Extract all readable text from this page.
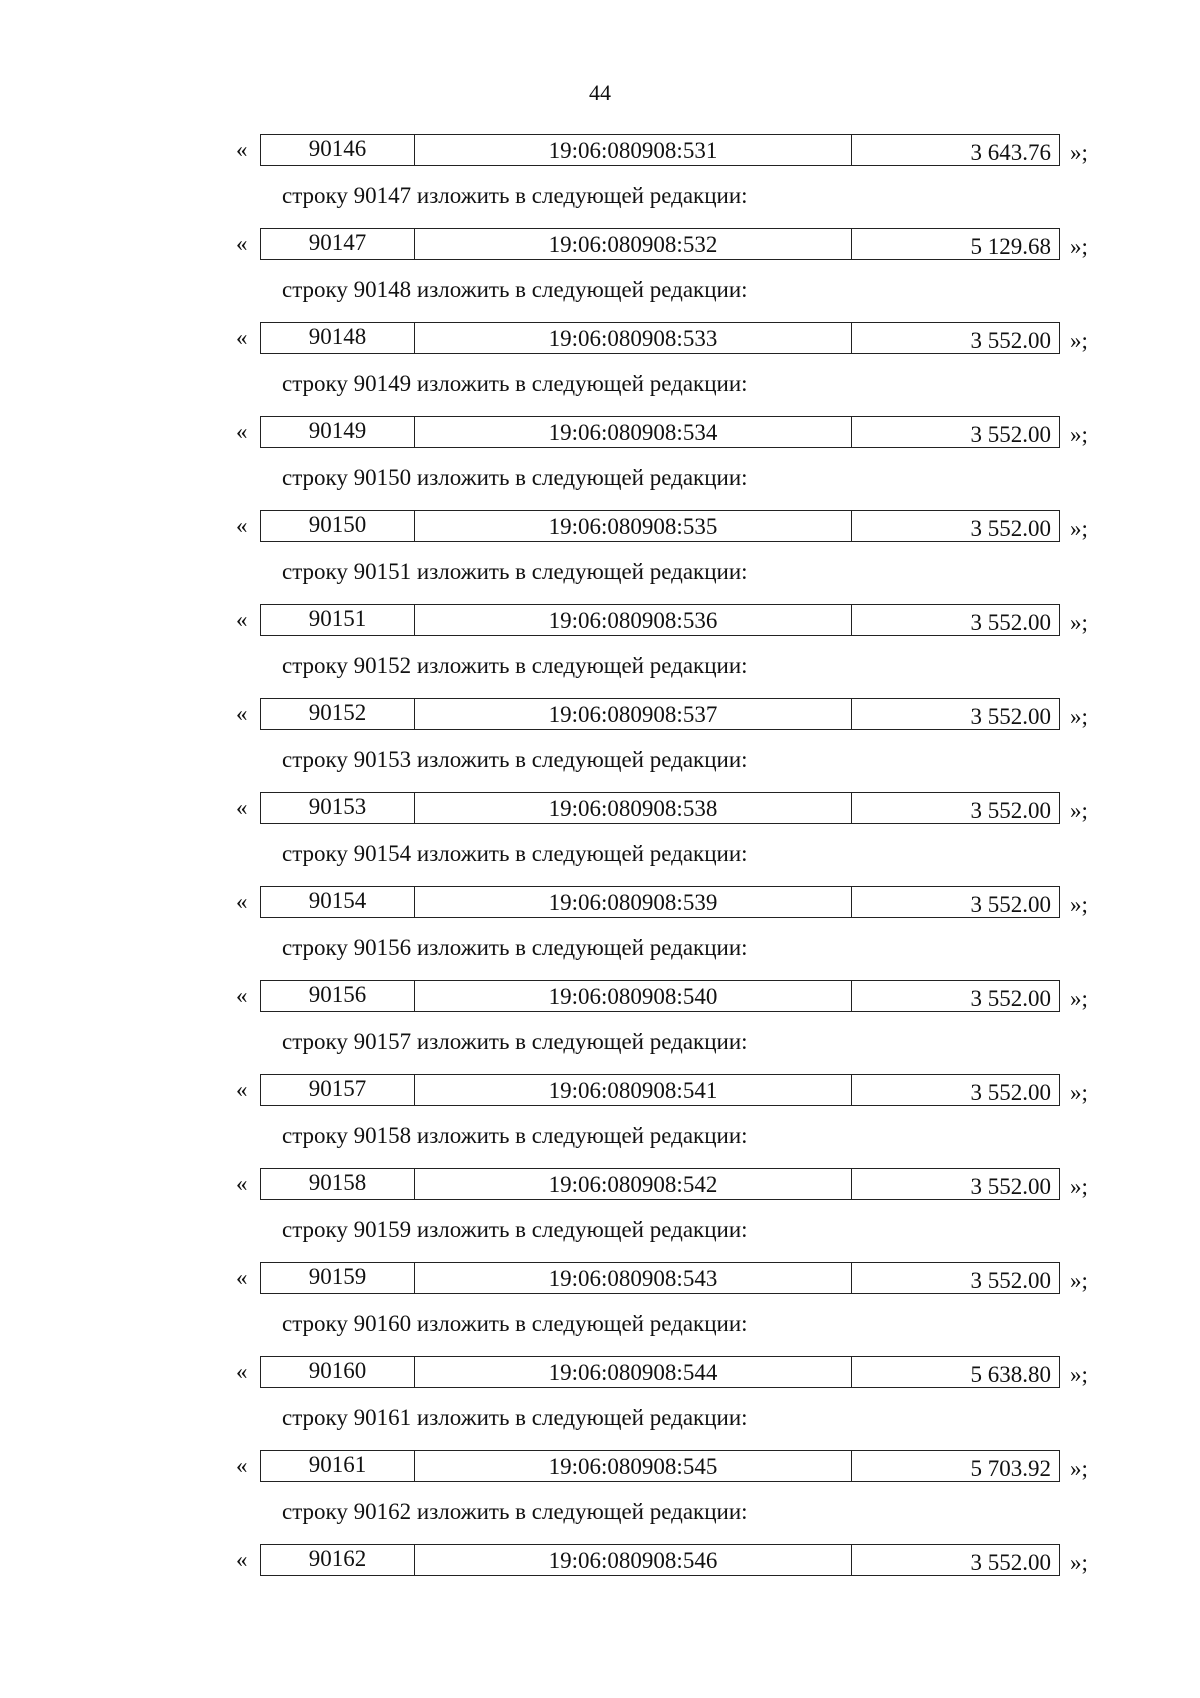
44
«	90146	19:06:080908:531	3 643.76 »;
строку 90147 изложить в следующей редакции:
«	90147	19:06:080908:532	5 129.68 »;
строку 90148 изложить в следующей редакции:
«	90148	19:06:080908:533	3 552.00 »;
строку 90149 изложить в следующей редакции:
«	90149	19:06:080908:534	3 552.00 »;
строку 90150 изложить в следующей редакции:
«	90150	19:06:080908:535	3 552.00 »;
строку 90151 изложить в следующей редакции:
«	90151	19:06:080908:536	3 552.00 »;
строку 90152 изложить в следующей редакции:
«	90152	19:06:080908:537	3 552.00 »;
строку 90153 изложить в следующей редакции:
«	90153	19:06:080908:538	3 552.00 »;
строку 90154 изложить в следующей редакции:
«	90154	19:06:080908:539	3 552.00 »;
строку 90156 изложить в следующей редакции:
«	90156	19:06:080908:540	3 552.00 »;
строку 90157 изложить в следующей редакции:
«	90157	19:06:080908:541	3 552.00 »;
строку 90158 изложить в следующей редакции:
«	90158	19:06:080908:542	3 552.00 »;
строку 90159 изложить в следующей редакции:
«	90159	19:06:080908:543	3 552.00 »;
строку 90160 изложить в следующей редакции:
«	90160	19:06:080908:544	5 638.80 »;
строку 90161 изложить в следующей редакции:
«	90161	19:06:080908:545	5 703.92 »;
строку 90162 изложить в следующей редакции:
«	90162	19:06:080908:546	3 552.00 »;
